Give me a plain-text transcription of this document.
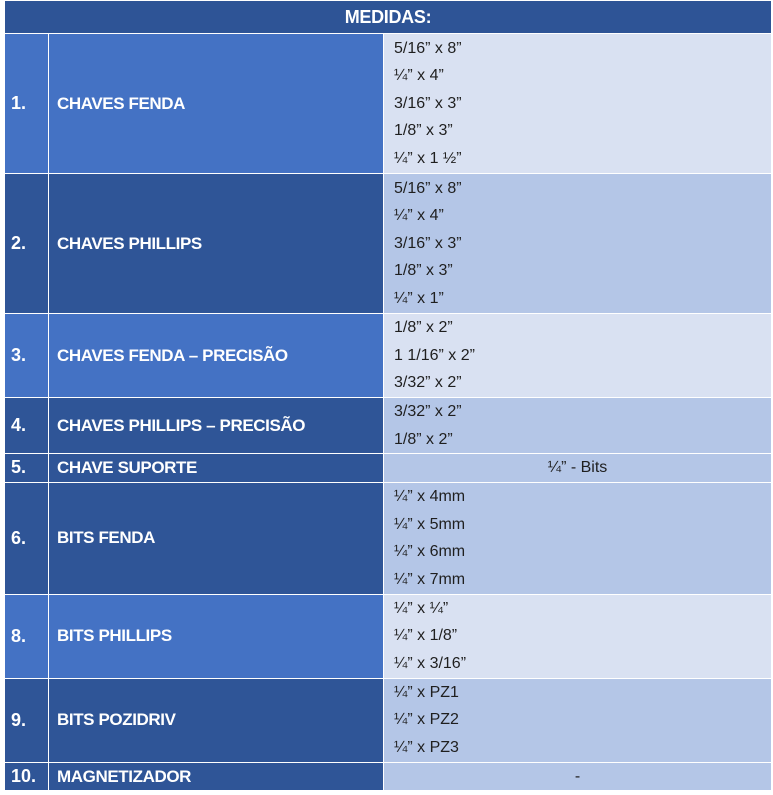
MEDIDAS:		
1.	CHAVES FENDA	5/16” x 8”
¼” x 4”
3/16” x 3”
1/8” x 3”
¼” x 1 ½”

2.	CHAVES PHILLIPS	5/16” x 8”
¼” x 4”
3/16” x 3”
1/8” x 3”
¼” x 1”

3.	CHAVES FENDA – PRECISÃO	1/8” x 2”
1 1/16” x 2”
3/32” x 2”

4.	CHAVES PHILLIPS – PRECISÃO	3/32” x 2”
1/8” x 2”

5.	CHAVE SUPORTE	¼” - Bits

6.	BITS FENDA	¼” x 4mm
¼” x 5mm
¼” x 6mm
¼” x 7mm

8.	BITS PHILLIPS	¼” x ¼”
¼” x 1/8”
¼” x 3/16”

9.	BITS POZIDRIV	¼” x PZ1
¼” x PZ2
¼” x PZ3

10.	MAGNETIZADOR	-
